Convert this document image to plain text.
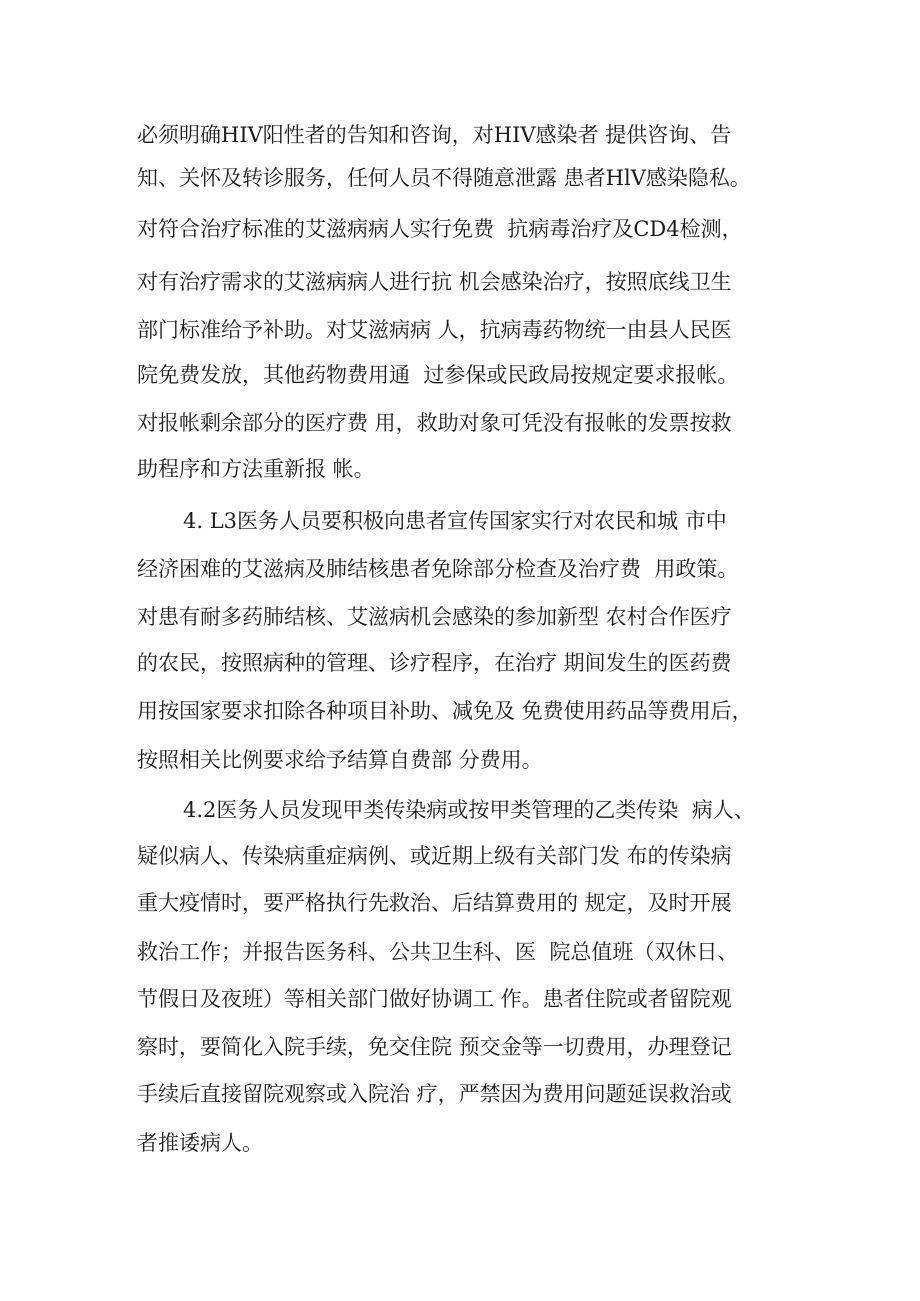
必须明确HIV阳性者的告知和咨询，对HIV感染者 提供咨询、告
知、关怀及转诊服务，任何人员不得随意泄露 患者HlV感染隐私。
对符合治疗标准的艾滋病病人实行免费  抗病毒治疗及CD4检测，
对有治疗需求的艾滋病病人进行抗 机会感染治疗，按照底线卫生
部门标准给予补助。对艾滋病病 人，抗病毒药物统一由县人民医
院免费发放，其他药物费用通  过参保或民政局按规定要求报帐。
对报帐剩余部分的医疗费 用，救助对象可凭没有报帐的发票按救
助程序和方法重新报 帐。
4. L3医务人员要积极向患者宣传国家实行对农民和城 市中
经济困难的艾滋病及肺结核患者免除部分检查及治疗费  用政策。
对患有耐多药肺结核、艾滋病机会感染的参加新型 农村合作医疗
的农民，按照病种的管理、诊疗程序，在治疗 期间发生的医药费
用按国家要求扣除各种项目补助、减免及 免费使用药品等费用后，
按照相关比例要求给予结算自费部 分费用。
4.2医务人员发现甲类传染病或按甲类管理的乙类传染  病人、
疑似病人、传染病重症病例、或近期上级有关部门发 布的传染病
重大疫情时，要严格执行先救治、后结算费用的 规定，及时开展
救治工作；并报告医务科、公共卫生科、医  院总值班（双休日、
节假日及夜班）等相关部门做好协调工 作。患者住院或者留院观
察时，要简化入院手续，免交住院 预交金等一切费用，办理登记
手续后直接留院观察或入院治 疗，严禁因为费用问题延误救治或
者推诿病人。
